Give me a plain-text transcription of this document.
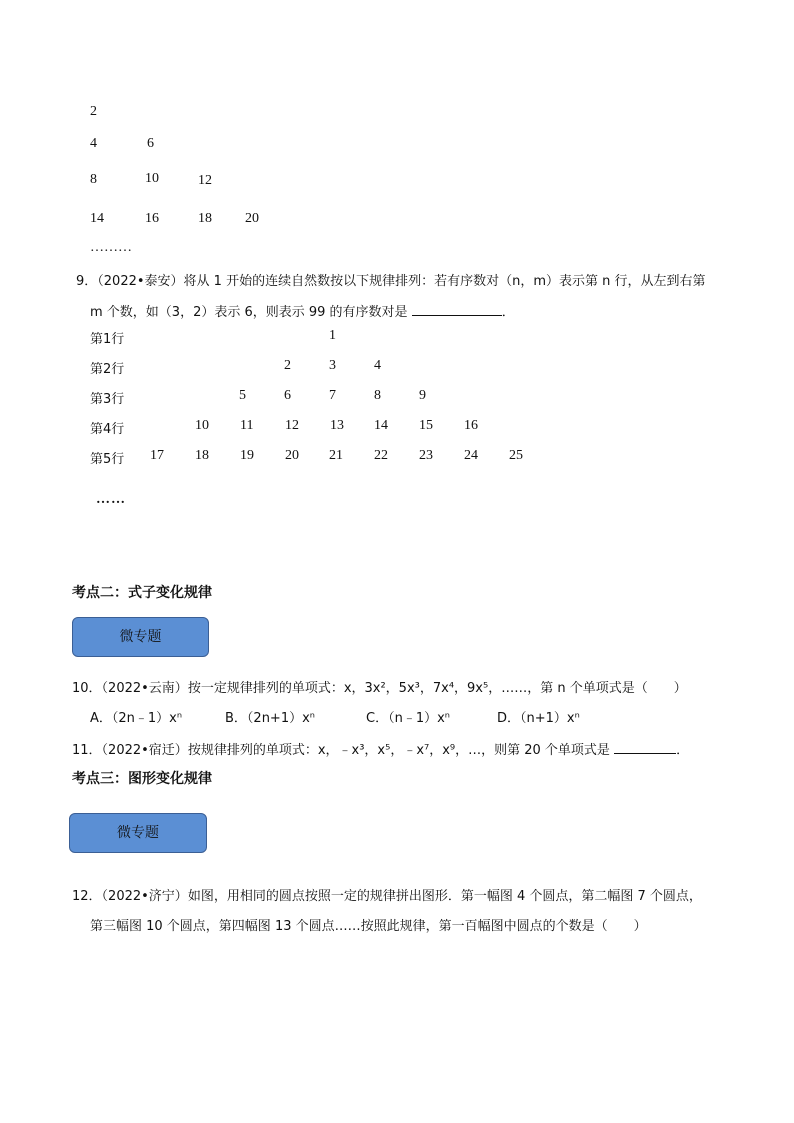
2
4	6
8	10	12
14	16	18 20
………
9．（2022•泰安）将从 1 开始的连续自然数按以下规律排列：若有序数对（n，m）表示第 n 行，从左到右第
m 个数，如（3，2）表示 6，则表示 99 的有序数对是	．
第1行	1
第2行	2	3	4
第3行	5	6	7	8	9
第4行	10 11 12 13 14 15 16
第5行 17 18 19 20 21 22 23 24 25
……
考点二：式子变化规律
微专题
10．（2022•云南）按一定规律排列的单项式：x，3x²，5x³，7x⁴，9x⁵，……，第 n 个单项式是（　　）
A．（2n﹣1）xⁿ	B．（2n+1）xⁿ	C．（n﹣1）xⁿ	D．（n+1）xⁿ
11．（2022•宿迁）按规律排列的单项式：x，﹣x³，x⁵，﹣x⁷，x⁹，…，则第 20 个单项式是	．
考点三：图形变化规律
微专题
12．（2022•济宁）如图，用相同的圆点按照一定的规律拼出图形．第一幅图 4 个圆点，第二幅图 7 个圆点，
第三幅图 10 个圆点，第四幅图 13 个圆点……按照此规律，第一百幅图中圆点的个数是（　　）
